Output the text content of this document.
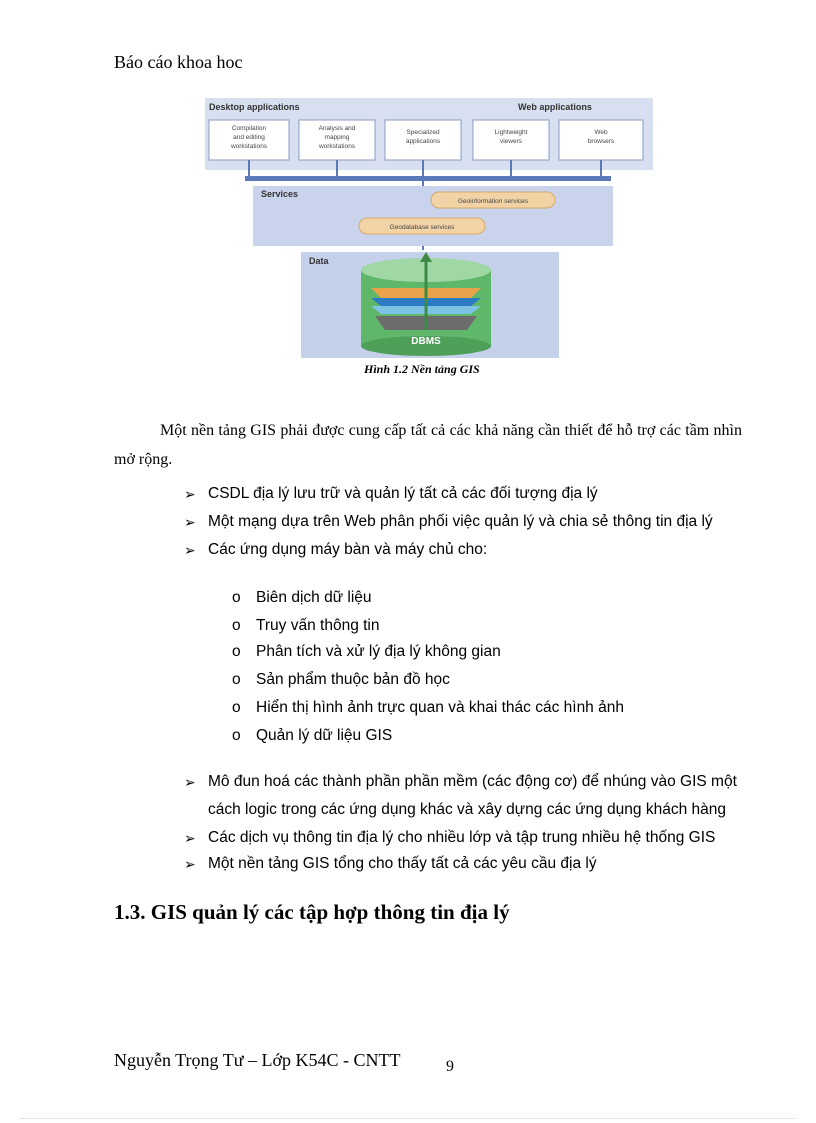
Báo cáo khoa hoc
Desktop applications	Web applications
Compilation
and editing
workstations
Analysis and
mapping
workstations
Specialized
applications
Lightweight
viewers
Web
browsers
Services
Geoinformation services
Geodatabase services
Data
DBMS
Hình 1.2 Nền tảng GIS
Một nền tảng GIS phải được cung cấp tất cả các khả năng cần thiết để hỗ trợ các tầm nhìn mở rộng.
➢ CSDL địa lý lưu trữ và quản lý tất cả các đối tượng địa lý
➢ Một mạng dựa trên Web phân phối việc quản lý và chia sẻ thông tin địa lý
➢ Các ứng dụng máy bàn và máy chủ cho:
o Biên dịch dữ liệu
o Truy vấn thông tin
o Phân tích và xử lý địa lý không gian
o Sản phẩm thuộc bản đồ học
o Hiển thị hình ảnh trực quan và khai thác các hình ảnh
o Quản lý dữ liệu GIS
➢ Mô đun hoá các thành phần phần mềm (các động cơ) để nhúng vào GIS một
cách logic trong các ứng dụng khác và xây dựng các ứng dụng khách hàng
➢ Các dịch vụ thông tin địa lý cho nhiều lớp và tập trung nhiều hệ thống GIS
➢ Một nền tảng GIS tổng cho thấy tất cả các yêu cầu địa lý
1.3. GIS quản lý các tập hợp thông tin địa lý
Nguyễn Trọng Tư – Lớp K54C - CNTT	9
